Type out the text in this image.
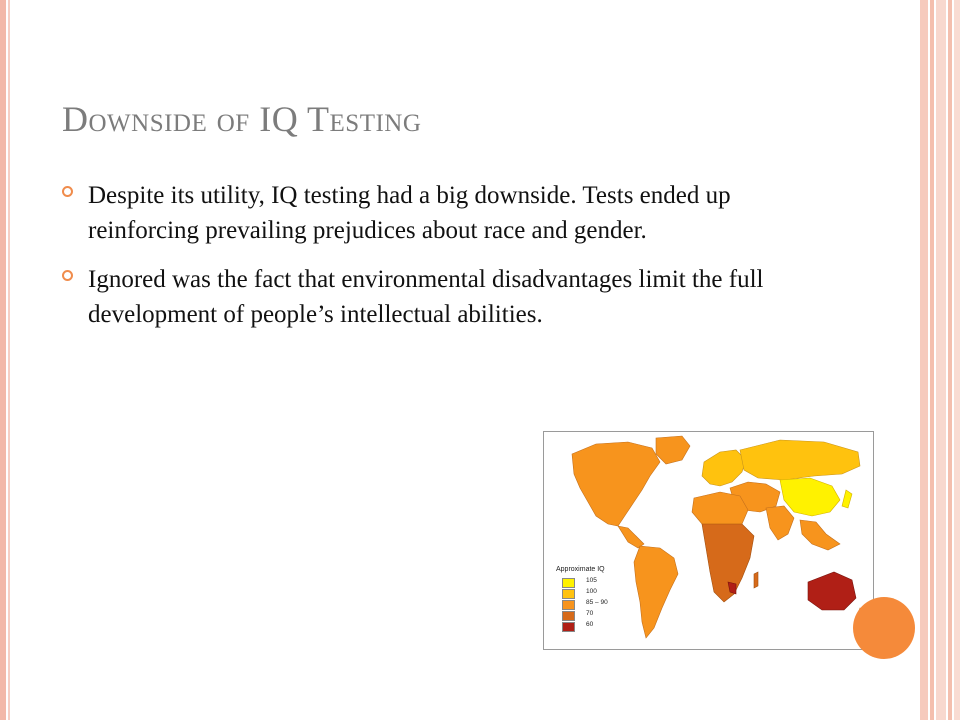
Downside of IQ Testing
Despite its utility, IQ testing had a big downside. Tests ended up reinforcing prevailing prejudices about race and gender.
Ignored was the fact that environmental disadvantages limit the full development of people’s intellectual abilities.
Approximate IQ
105
100
85 – 90
70
60
